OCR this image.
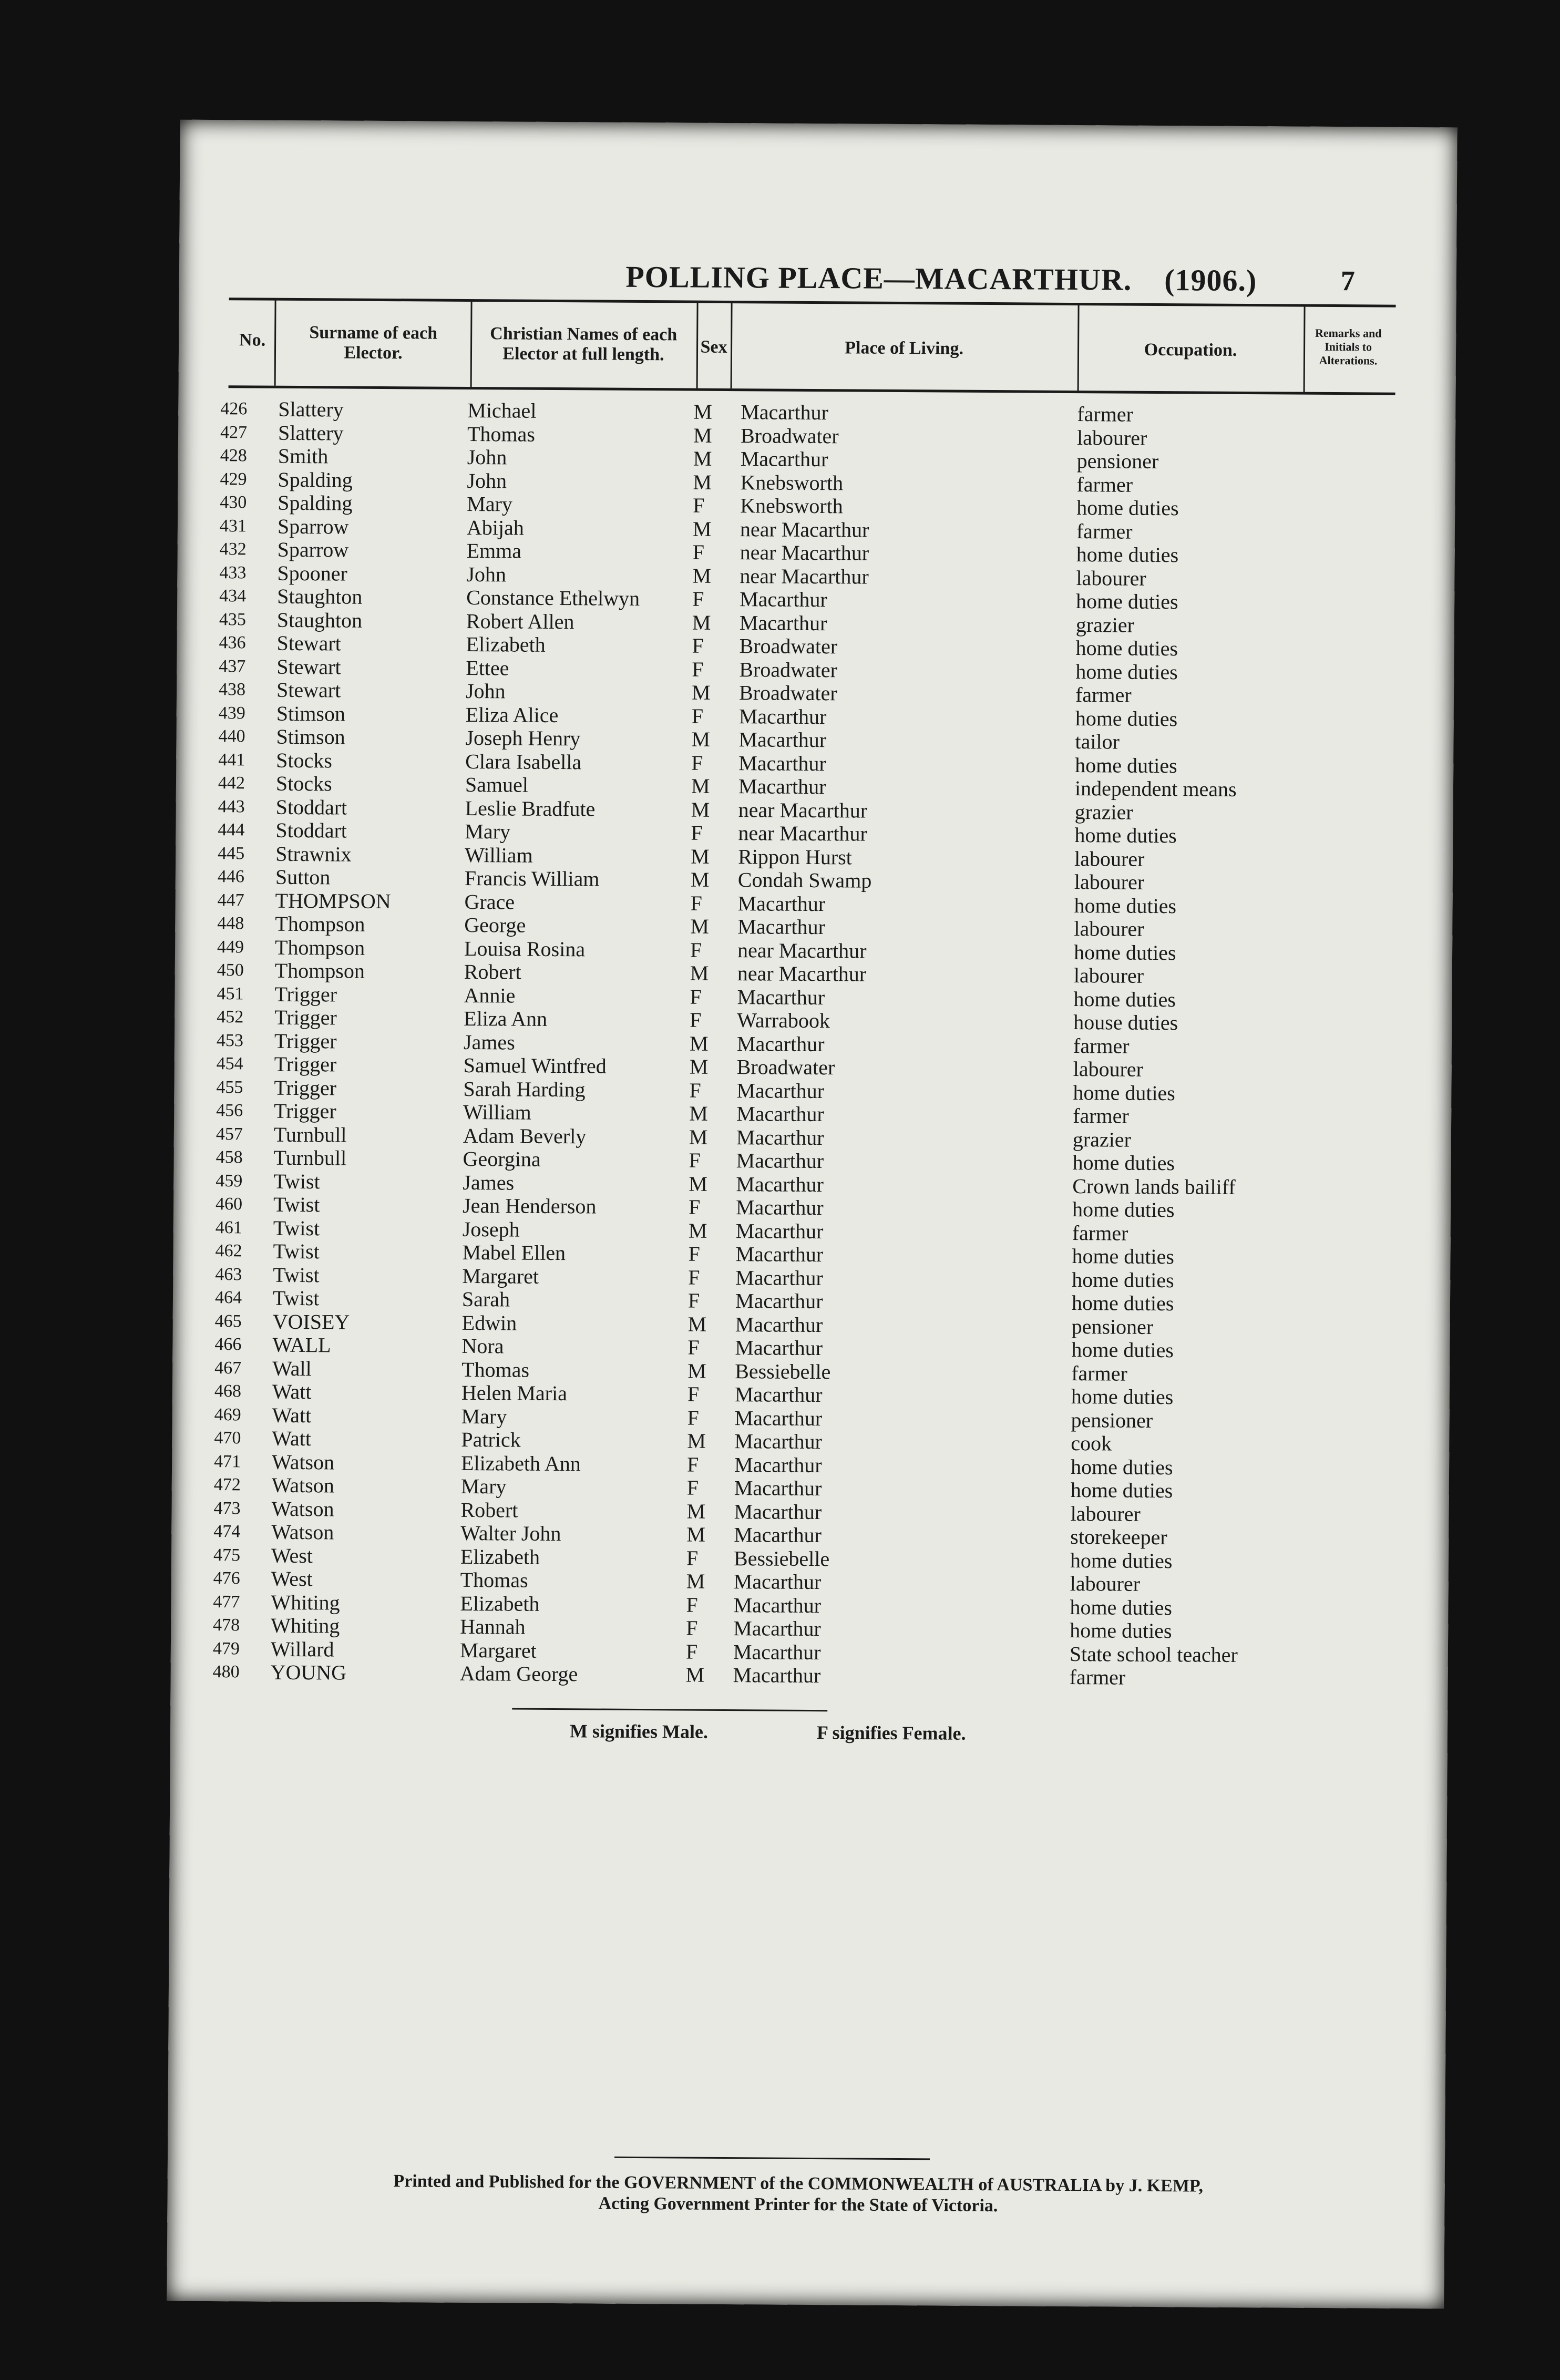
POLLING PLACE—MACARTHUR. (1906.)	7
No.	Surname of each Elector.
Christian Names of each Elector at full length.	Sex	Place of Living.	Occupation.
Remarks and Initials to Alterations.
426	Slattery	Michael	M Macarthur	farmer
427	Slattery	Thomas	M Broadwater	labourer
428	Smith	John	M Macarthur	pensioner
429	Spalding	John	M Knebsworth	farmer
430	Spalding	Mary	F Knebsworth	home duties
431	Sparrow	Abijah	M near Macarthur	farmer
432	Sparrow	Emma	F near Macarthur	home duties
433	Spooner	John	M near Macarthur	labourer
434	Staughton	Constance Ethelwyn F Macarthur	home duties
435	Staughton	Robert Allen	M Macarthur	grazier
436	Stewart	Elizabeth	F Broadwater	home duties
437	Stewart	Ettee	F Broadwater	home duties
438	Stewart	John	M Broadwater	farmer
439	Stimson	Eliza Alice	F Macarthur	home duties
440	Stimson	Joseph Henry	M Macarthur	tailor
441	Stocks	Clara Isabella	F Macarthur	home duties
442	Stocks	Samuel	M Macarthur	independent means
443	Stoddart	Leslie Bradfute	M near Macarthur	grazier
444	Stoddart	Mary	F near Macarthur	home duties
445	Strawnix	William	M Rippon Hurst	labourer
446	Sutton	Francis William	M Condah Swamp	labourer
447	THOMPSON	Grace	F Macarthur	home duties
448	Thompson	George	M Macarthur	labourer
449	Thompson	Louisa Rosina	F near Macarthur	home duties
450	Thompson	Robert	M near Macarthur	labourer
451	Trigger	Annie	F Macarthur	home duties
452	Trigger	Eliza Ann	F Warrabook	house duties
453	Trigger	James	M Macarthur	farmer
454	Trigger	Samuel Wintfred	M Broadwater	labourer
455	Trigger	Sarah Harding	F Macarthur	home duties
456	Trigger	William	M Macarthur	farmer
457	Turnbull	Adam Beverly	M Macarthur	grazier
458	Turnbull	Georgina	F Macarthur	home duties
459	Twist	James	M Macarthur	Crown lands bailiff
460	Twist	Jean Henderson	F Macarthur	home duties
461	Twist	Joseph	M Macarthur	farmer
462	Twist	Mabel Ellen	F Macarthur	home duties
463	Twist	Margaret	F Macarthur	home duties
464	Twist	Sarah	F Macarthur	home duties
465	VOISEY	Edwin	M Macarthur	pensioner
466	WALL	Nora	F Macarthur	home duties
467	Wall	Thomas	M Bessiebelle	farmer
468	Watt	Helen Maria	F Macarthur	home duties
469	Watt	Mary	F Macarthur	pensioner
470	Watt	Patrick	M Macarthur	cook
471	Watson	Elizabeth Ann	F Macarthur	home duties
472	Watson	Mary	F Macarthur	home duties
473	Watson	Robert	M Macarthur	labourer
474	Watson	Walter John	M Macarthur	storekeeper
475	West	Elizabeth	F Bessiebelle	home duties
476	West	Thomas	M Macarthur	labourer
477	Whiting	Elizabeth	F Macarthur	home duties
478	Whiting	Hannah	F Macarthur	home duties
479	Willard	Margaret	F Macarthur	State school teacher
480	YOUNG	Adam George	M Macarthur	farmer
M signifies Male.	F signifies Female.
Printed and Published for the GOVERNMENT of the COMMONWEALTH of AUSTRALIA by J. KEMP,
Acting Government Printer for the State of Victoria.
